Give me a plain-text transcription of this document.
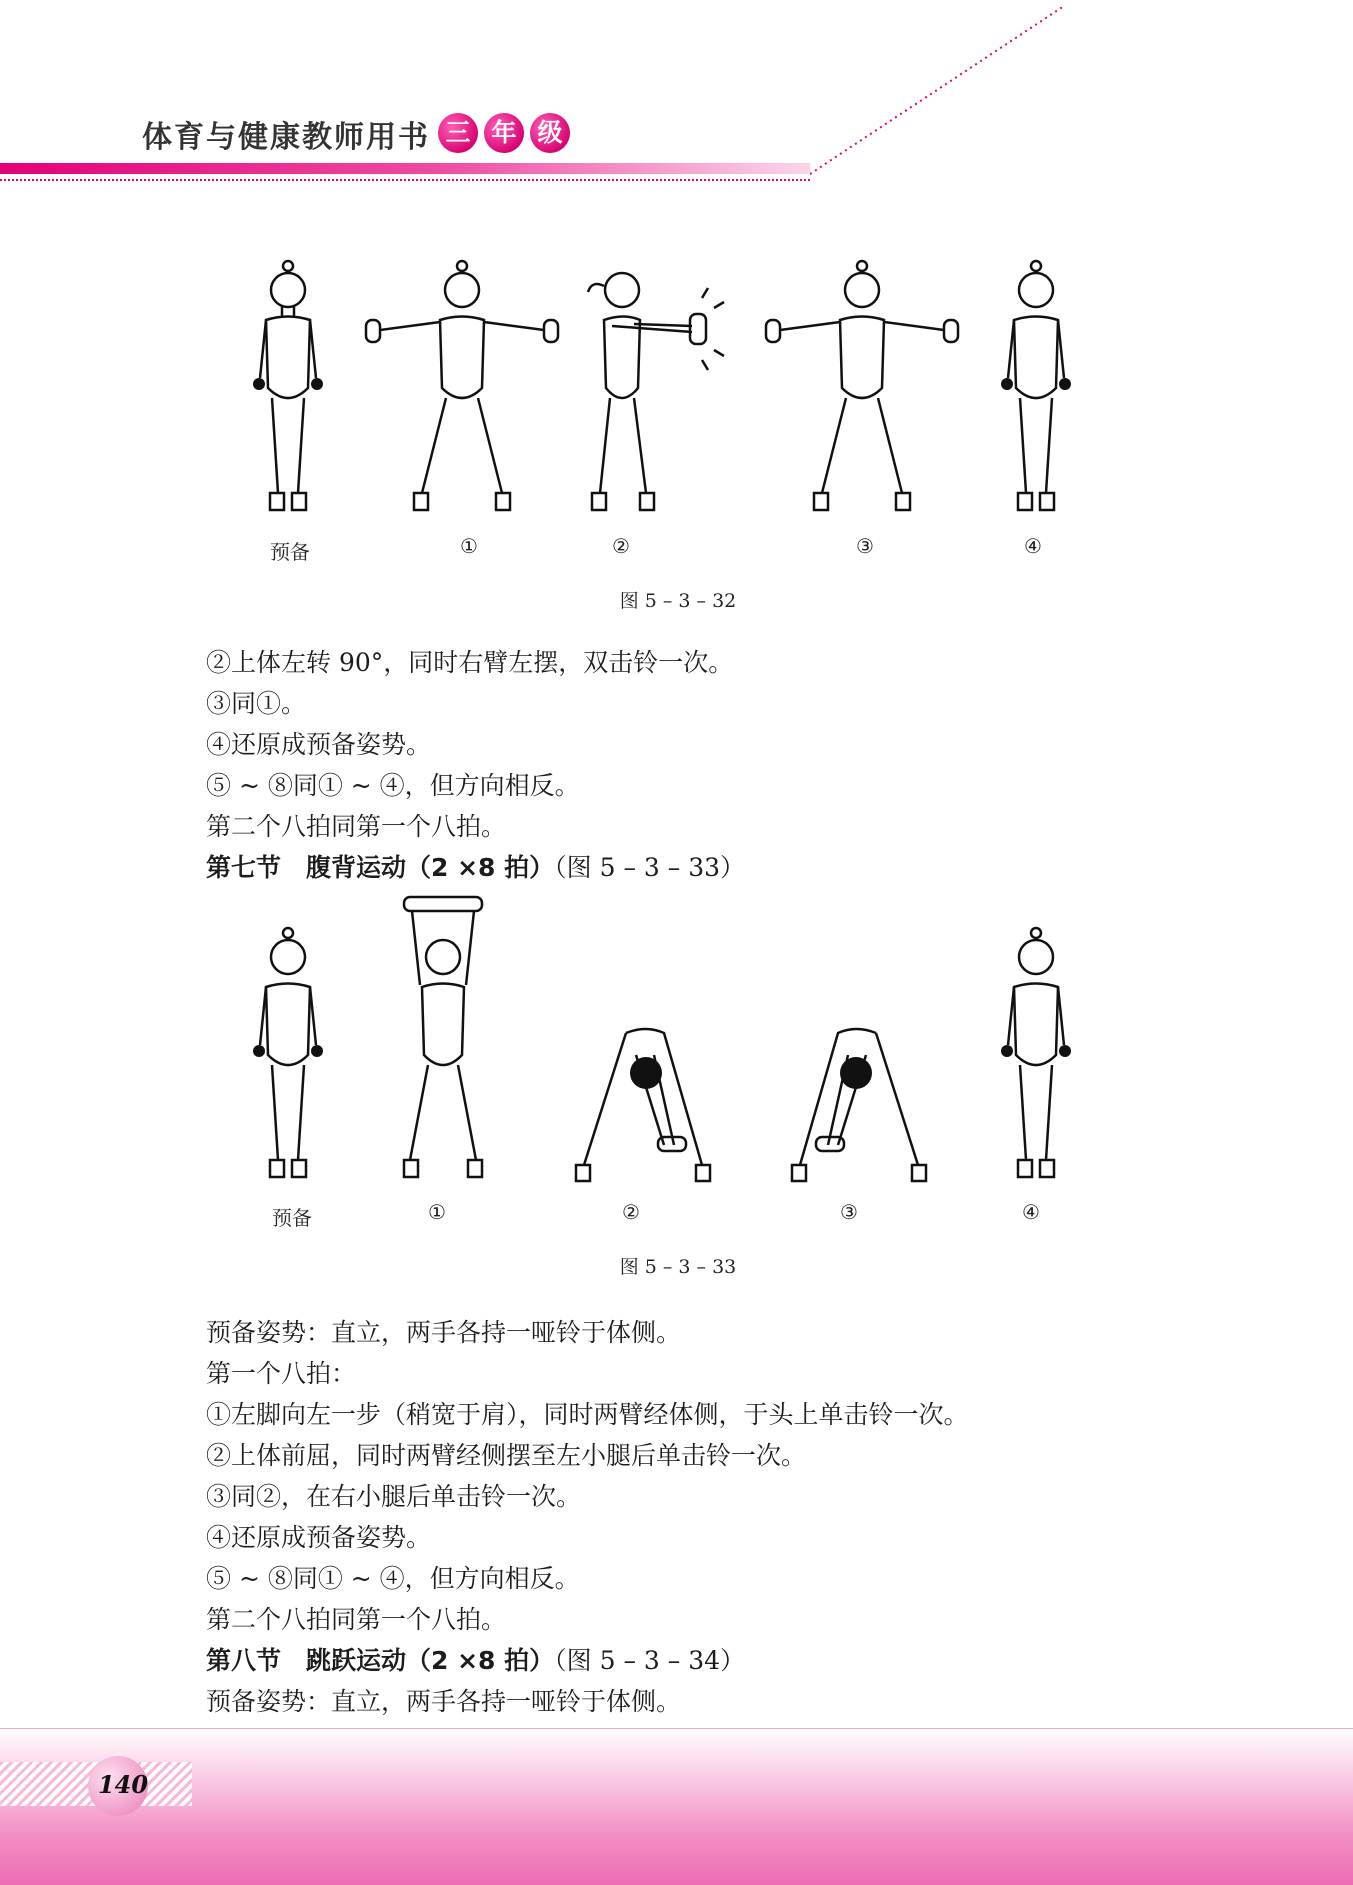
体育与健康教师用书 三 年 级
预备	①	②	③	④
图 5 – 3 – 32
②上体左转 90°，同时右臂左摆，双击铃一次。
③同①。
④还原成预备姿势。
⑤ ~ ⑧同① ~ ④，但方向相反。
第二个八拍同第一个八拍。
第七节　腹背运动（2 ×8 拍）（图 5 – 3 – 33）
预备	①	②	③	④
图 5 – 3 – 33
预备姿势：直立，两手各持一哑铃于体侧。
第一个八拍：
①左脚向左一步（稍宽于肩），同时两臂经体侧，于头上单击铃一次。
②上体前屈，同时两臂经侧摆至左小腿后单击铃一次。
③同②，在右小腿后单击铃一次。
④还原成预备姿势。
⑤ ~ ⑧同① ~ ④，但方向相反。
第二个八拍同第一个八拍。
第八节　跳跃运动（2 ×8 拍）（图 5 – 3 – 34）
预备姿势：直立，两手各持一哑铃于体侧。
140
